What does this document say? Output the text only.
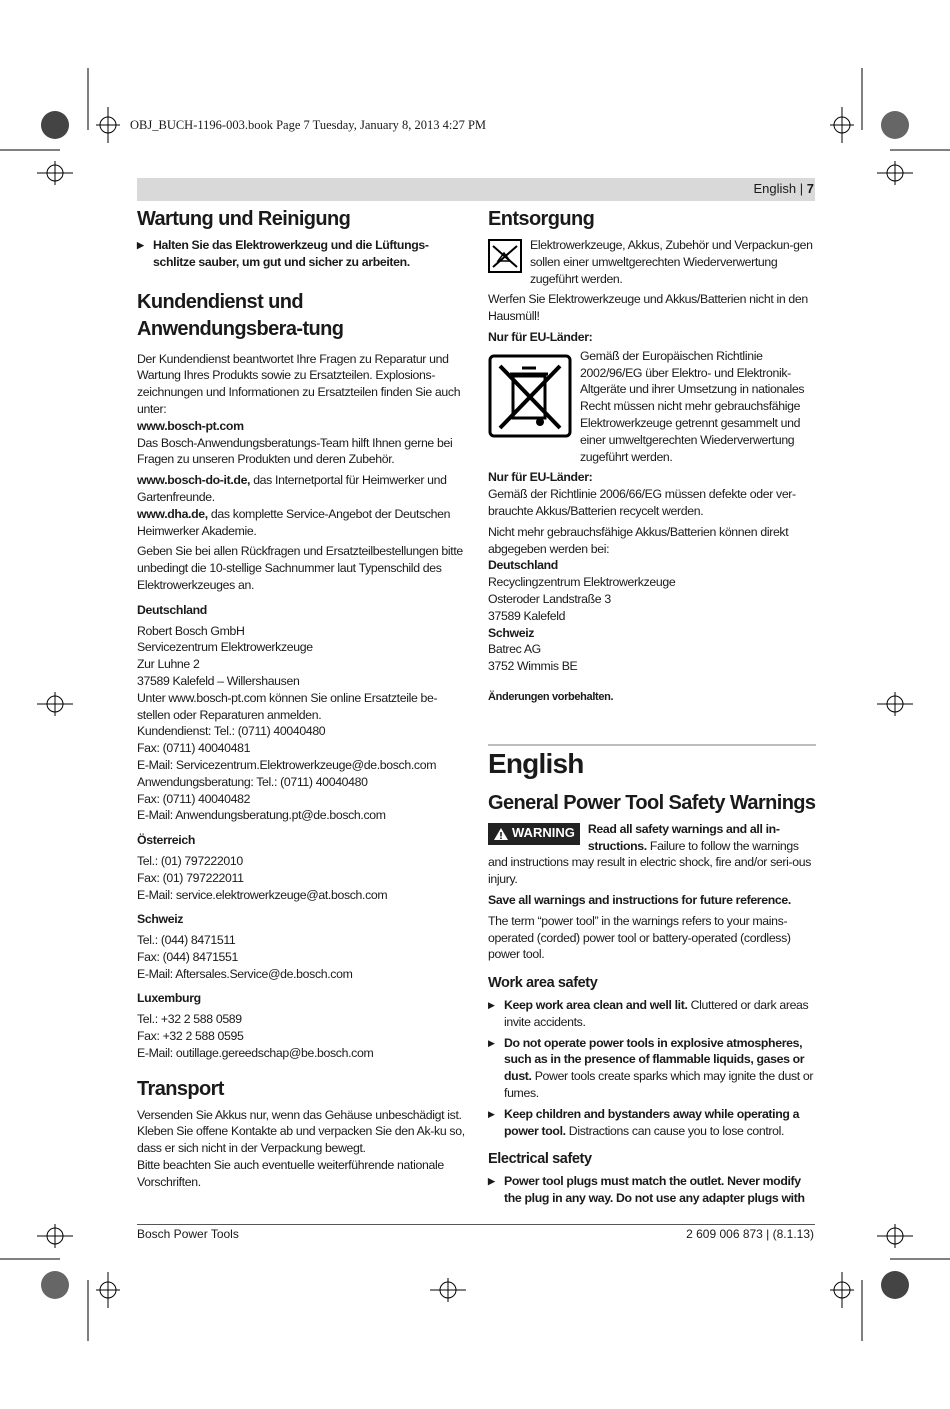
OBJ_BUCH-1196-003.book Page 7 Tuesday, January 8, 2013 4:27 PM
English | 7
Wartung und Reinigung

▶ Halten Sie das Elektrowerkzeug und die Lüftungs-schlitze sauber, um gut und sicher zu arbeiten.

Kundendienst und Anwendungsbera-tung

Der Kundendienst beantwortet Ihre Fragen zu Reparatur und Wartung Ihres Produkts sowie zu Ersatzteilen. Explosions-zeichnungen und Informationen zu Ersatzteilen finden Sie auch unter:

www.bosch-pt.com

Das Bosch-Anwendungsberatungs-Team hilft Ihnen gerne bei Fragen zu unseren Produkten und deren Zubehör.

www.bosch-do-it.de, das Internetportal für Heimwerker und Gartenfreunde.

www.dha.de, das komplette Service-Angebot der Deutschen Heimwerker Akademie.

Geben Sie bei allen Rückfragen und Ersatzteilbestellungen bitte unbedingt die 10-stellige Sachnummer laut Typenschild des Elektrowerkzeuges an.

Deutschland

Robert Bosch GmbH

Servicezentrum Elektrowerkzeuge

Zur Luhne 2

37589 Kalefeld – Willershausen

Unter www.bosch-pt.com können Sie online Ersatzteile be-stellen oder Reparaturen anmelden.

Kundendienst: Tel.: (0711) 40040480

Fax: (0711) 40040481

E-Mail: Servicezentrum.Elektrowerkzeuge@de.bosch.com

Anwendungsberatung: Tel.: (0711) 40040480

Fax: (0711) 40040482

E-Mail: Anwendungsberatung.pt@de.bosch.com

Österreich

Tel.: (01) 797222010

Fax: (01) 797222011

E-Mail: service.elektrowerkzeuge@at.bosch.com

Schweiz

Tel.: (044) 8471511

Fax: (044) 8471551

E-Mail: Aftersales.Service@de.bosch.com

Luxemburg

Tel.: +32 2 588 0589

Fax: +32 2 588 0595

E-Mail: outillage.gereedschap@be.bosch.com

Transport

Versenden Sie Akkus nur, wenn das Gehäuse unbeschädigt ist. Kleben Sie offene Kontakte ab und verpacken Sie den Ak-ku so, dass er sich nicht in der Verpackung bewegt.

Bitte beachten Sie auch eventuelle weiterführende nationale Vorschriften.

Entsorgung

Elektrowerkzeuge, Akkus, Zubehör und Verpackun-gen sollen einer umweltgerechten Wiederverwertung zugeführt werden.

Werfen Sie Elektrowerkzeuge und Akkus/Batterien nicht in den Hausmüll!

Nur für EU-Länder:

Gemäß der Europäischen Richtlinie 2002/96/EG über Elektro- und Elektronik-Altgeräte und ihrer Umsetzung in nationales Recht müssen nicht mehr gebrauchsfähige Elektrowerkzeuge getrennt gesammelt und einer umweltgerechten Wiederverwertung zugeführt werden.

Nur für EU-Länder:

Gemäß der Richtlinie 2006/66/EG müssen defekte oder ver-brauchte Akkus/Batterien recycelt werden.

Nicht mehr gebrauchsfähige Akkus/Batterien können direkt abgegeben werden bei:

Deutschland

Recyclingzentrum Elektrowerkzeuge

Osteroder Landstraße 3

37589 Kalefeld

Schweiz

Batrec AG

3752 Wimmis BE

Änderungen vorbehalten.

English
General Power Tool Safety Warnings
WARNING	Read all safety warnings and all in-structions. Failure to follow the warnings and instructions may result in electric shock, fire and/or seri-ous injury.

Save all warnings and instructions for future reference.

The term “power tool” in the warnings refers to your mains-operated (corded) power tool or battery-operated (cordless) power tool.

Work area safety

▶ Keep work area clean and well lit. Cluttered or dark areas invite accidents.

▶ Do not operate power tools in explosive atmospheres, such as in the presence of flammable liquids, gases or dust. Power tools create sparks which may ignite the dust or fumes.

▶ Keep children and bystanders away while operating a power tool. Distractions can cause you to lose control.

Electrical safety

▶ Power tool plugs must match the outlet. Never modify the plug in any way. Do not use any adapter plugs with

Bosch Power Tools	2 609 006 873 | (8.1.13)
